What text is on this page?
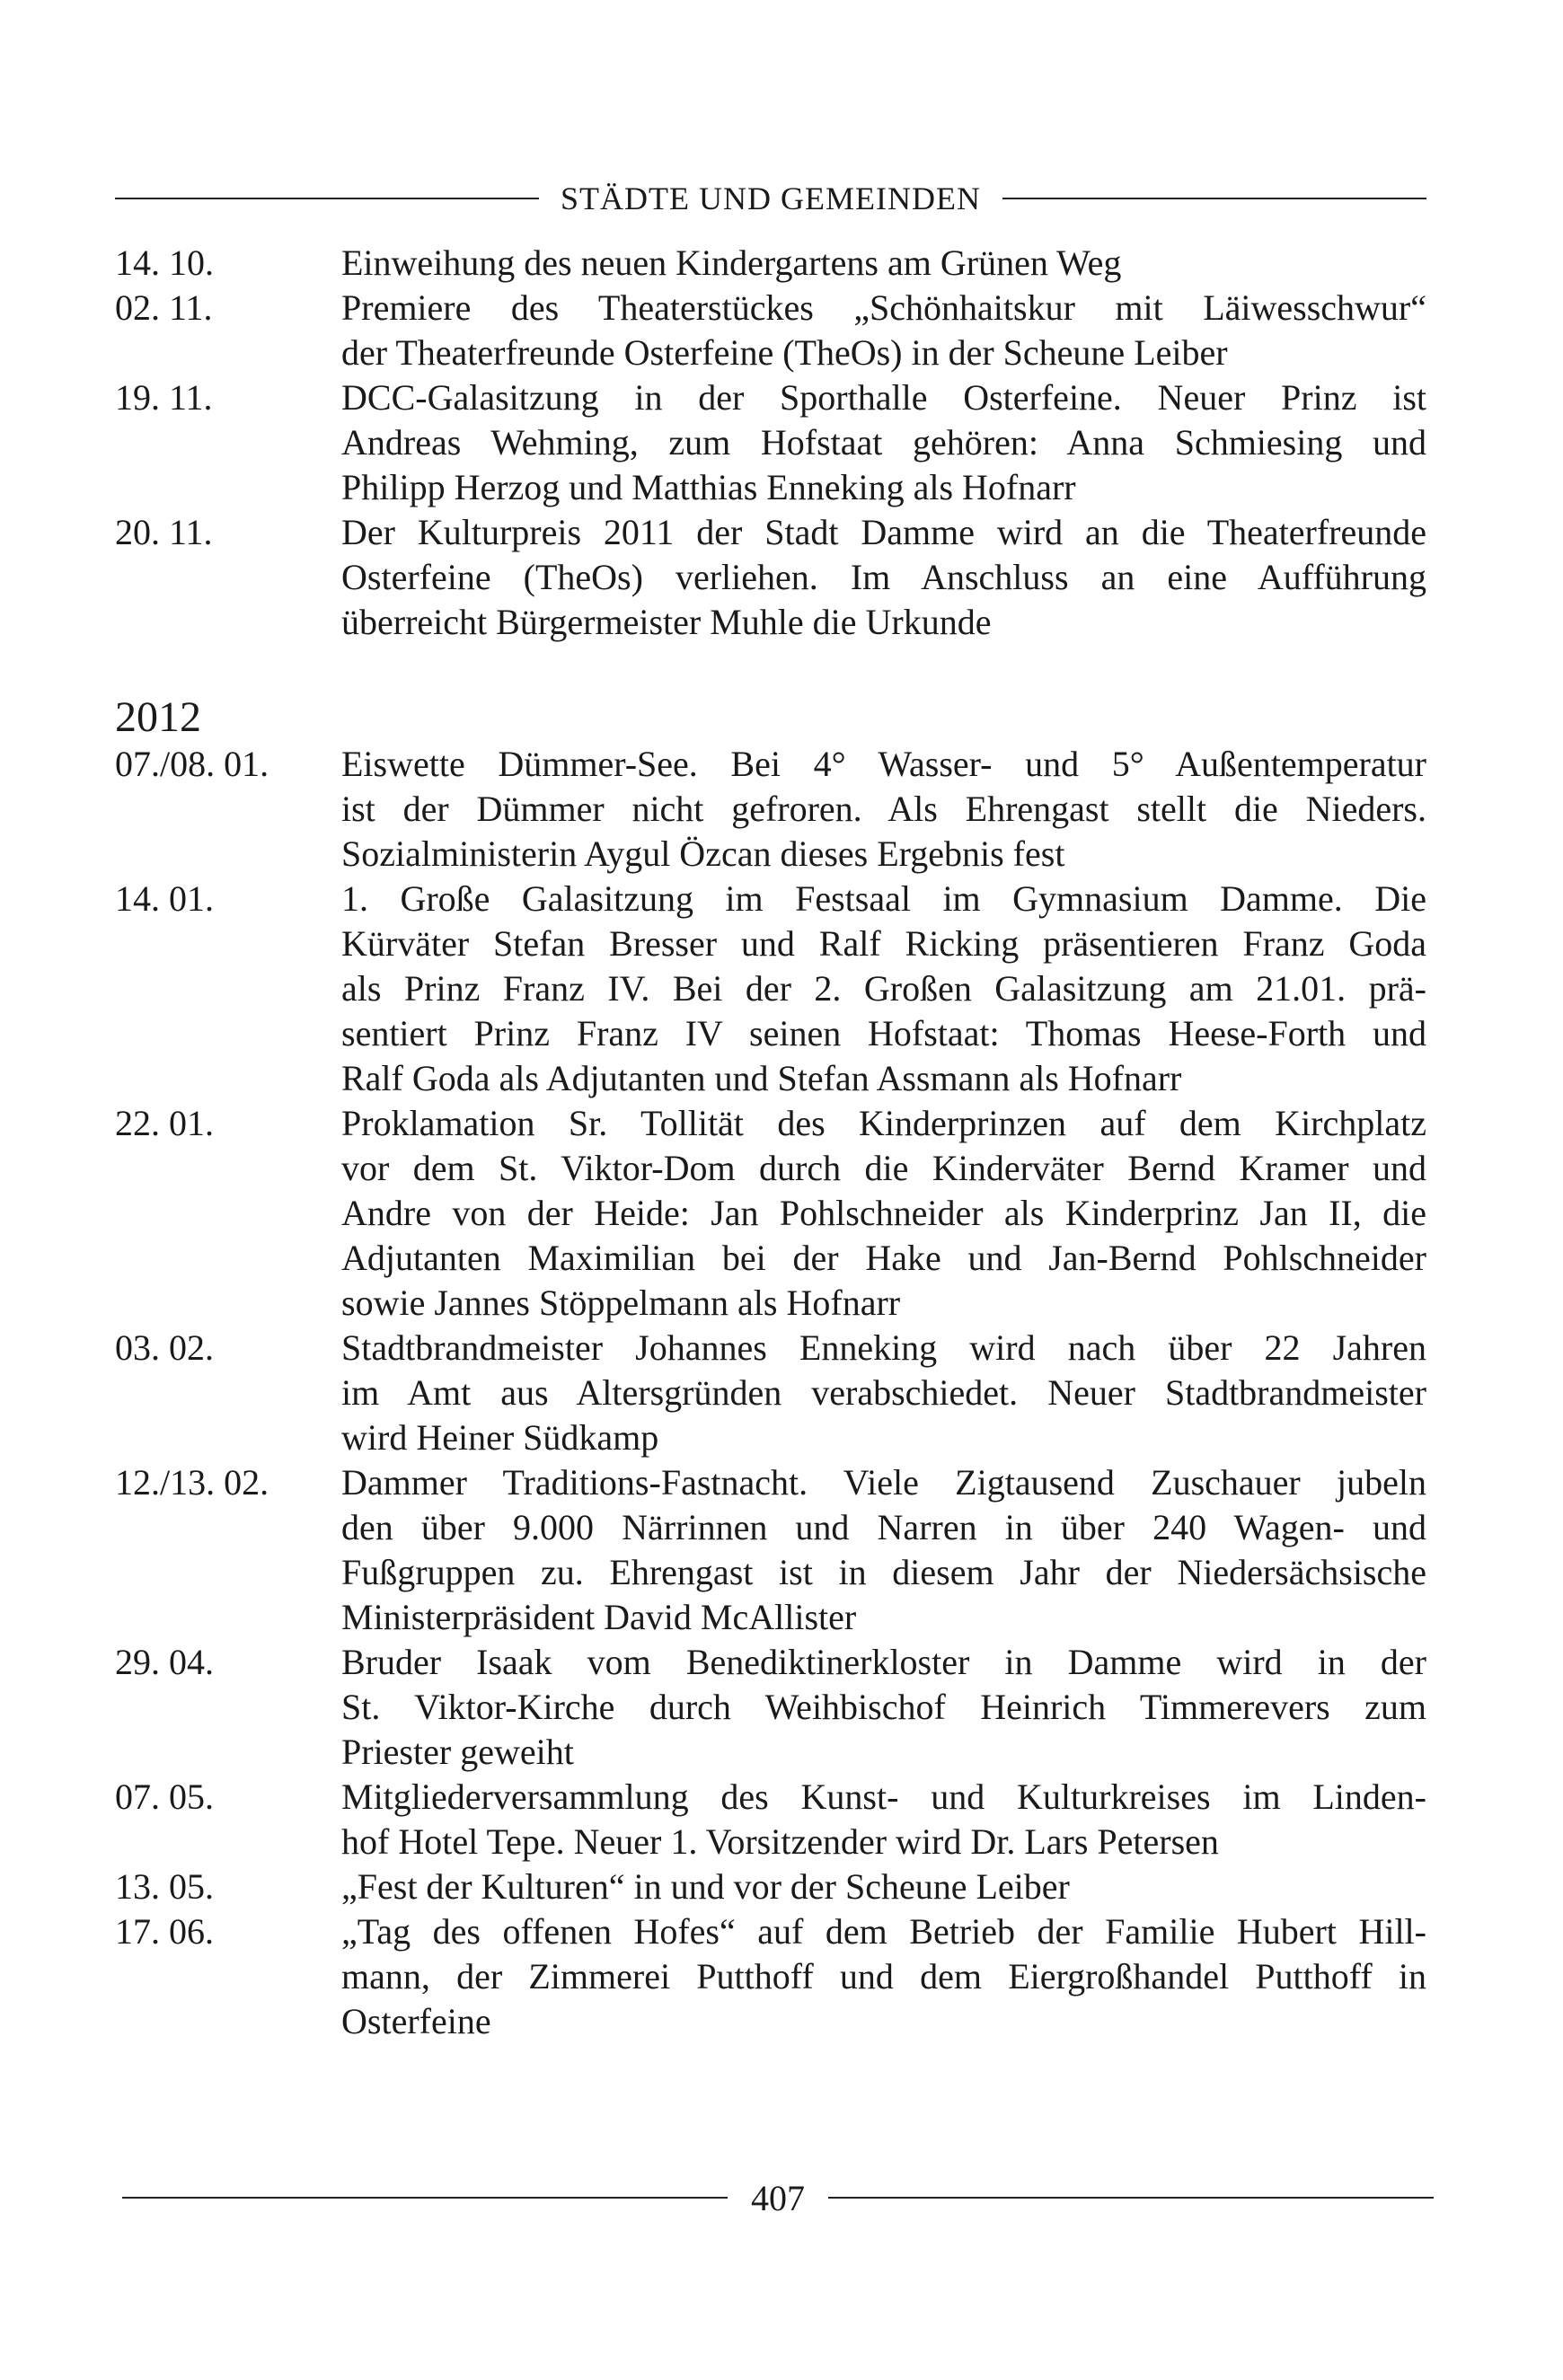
STÄDTE UND GEMEINDEN
14. 10.	Einweihung des neuen Kindergartens am Grünen Weg
02. 11.	Premiere des Theaterstückes „Schönhaitskur mit Läiwesschwur“
der Theaterfreunde Osterfeine (TheOs) in der Scheune Leiber
19. 11.	DCC-Galasitzung in der Sporthalle Osterfeine. Neuer Prinz ist
Andreas Wehming, zum Hofstaat gehören: Anna Schmiesing und
Philipp Herzog und Matthias Enneking als Hofnarr
20. 11.	Der Kulturpreis 2011 der Stadt Damme wird an die Theaterfreunde
Osterfeine (TheOs) verliehen. Im Anschluss an eine Aufführung
überreicht Bürgermeister Muhle die Urkunde
2012
07./08. 01.	Eiswette Dümmer-See. Bei 4° Wasser- und 5° Außentemperatur
ist der Dümmer nicht gefroren. Als Ehrengast stellt die Nieders.
Sozialministerin Aygul Özcan dieses Ergebnis fest
14. 01.	1. Große Galasitzung im Festsaal im Gymnasium Damme. Die
Kürväter Stefan Bresser und Ralf Ricking präsentieren Franz Goda
als Prinz Franz IV. Bei der 2. Großen Galasitzung am 21.01. prä-
sentiert Prinz Franz IV seinen Hofstaat: Thomas Heese-Forth und
Ralf Goda als Adjutanten und Stefan Assmann als Hofnarr
22. 01.	Proklamation Sr. Tollität des Kinderprinzen auf dem Kirchplatz
vor dem St. Viktor-Dom durch die Kinderväter Bernd Kramer und
Andre von der Heide: Jan Pohlschneider als Kinderprinz Jan II, die
Adjutanten Maximilian bei der Hake und Jan-Bernd Pohlschneider
sowie Jannes Stöppelmann als Hofnarr
03. 02.	Stadtbrandmeister Johannes Enneking wird nach über 22 Jahren
im Amt aus Altersgründen verabschiedet. Neuer Stadtbrandmeister
wird Heiner Südkamp
12./13. 02.	Dammer Traditions-Fastnacht. Viele Zigtausend Zuschauer jubeln
den über 9.000 Närrinnen und Narren in über 240 Wagen- und
Fußgruppen zu. Ehrengast ist in diesem Jahr der Niedersächsische
Ministerpräsident David McAllister
29. 04.	Bruder Isaak vom Benediktinerkloster in Damme wird in der
St. Viktor-Kirche durch Weihbischof Heinrich Timmerevers zum
Priester geweiht
07. 05.	Mitgliederversammlung des Kunst- und Kulturkreises im Linden-
hof Hotel Tepe. Neuer 1. Vorsitzender wird Dr. Lars Petersen
13. 05.	„Fest der Kulturen“ in und vor der Scheune Leiber
17. 06.	„Tag des offenen Hofes“ auf dem Betrieb der Familie Hubert Hill-
mann, der Zimmerei Putthoff und dem Eiergroßhandel Putthoff in
Osterfeine
407
